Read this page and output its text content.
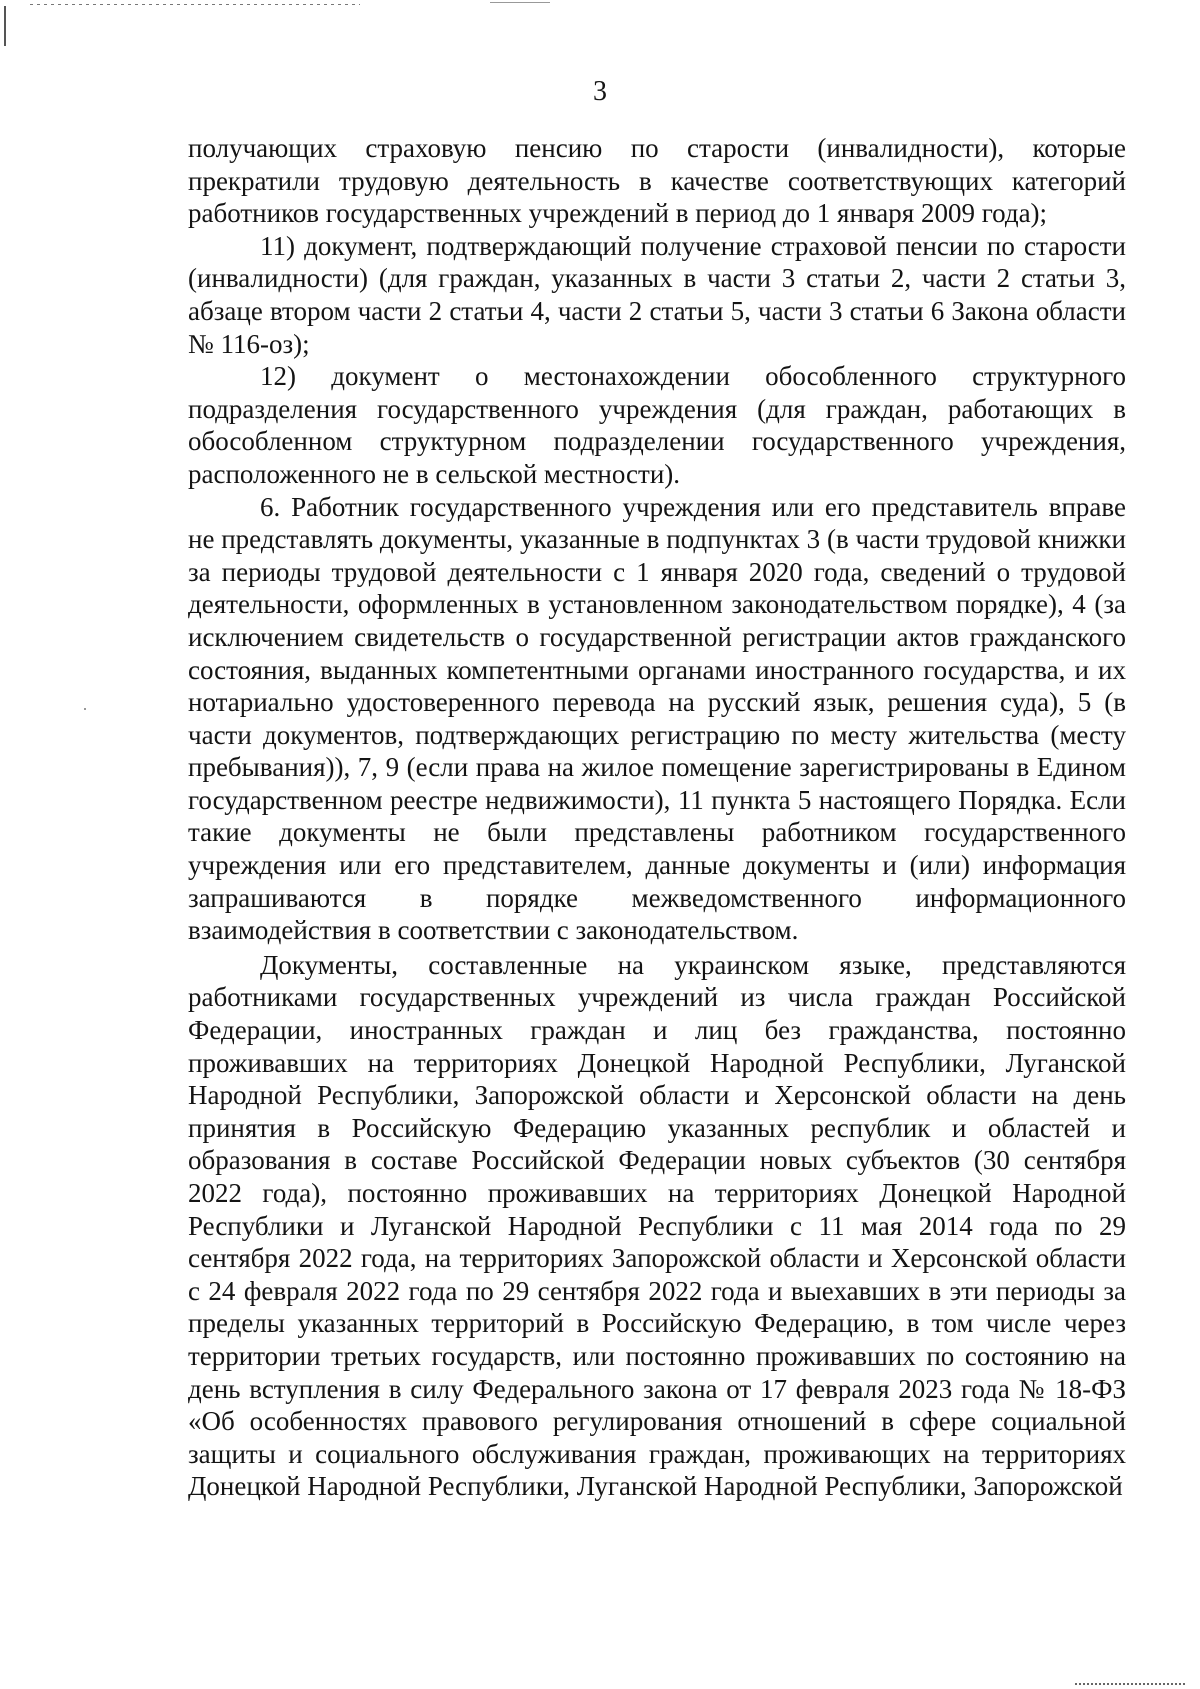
3

получающих страховую пенсию по старости (инвалидности), которые прекратили трудовую деятельность в качестве соответствующих категорий работников государственных учреждений в период до 1 января 2009 года);

11) документ, подтверждающий получение страховой пенсии по старости (инвалидности) (для граждан, указанных в части 3 статьи 2, части 2 статьи 3, абзаце втором части 2 статьи 4, части 2 статьи 5, части 3 статьи 6 Закона области № 116-оз);

12) документ о местонахождении обособленного структурного подразделения государственного учреждения (для граждан, работающих в обособленном структурном подразделении государственного учреждения, расположенного не в сельской местности).

6. Работник государственного учреждения или его представитель вправе не представлять документы, указанные в подпунктах 3 (в части трудовой книжки за периоды трудовой деятельности с 1 января 2020 года, сведений о трудовой деятельности, оформленных в установленном законодательством порядке), 4 (за исключением свидетельств о государственной регистрации актов гражданского состояния, выданных компетентными органами иностранного государства, и их нотариально удостоверенного перевода на русский язык, решения суда), 5 (в части документов, подтверждающих регистрацию по месту жительства (месту пребывания)), 7, 9 (если права на жилое помещение зарегистрированы в Едином государственном реестре недвижимости), 11 пункта 5 настоящего Порядка. Если такие документы не были представлены работником государственного учреждения или его представителем, данные документы и (или) информация запрашиваются в порядке межведомственного информационного взаимодействия в соответствии с законодательством.

Документы, составленные на украинском языке, представляются работниками государственных учреждений из числа граждан Российской Федерации, иностранных граждан и лиц без гражданства, постоянно проживавших на территориях Донецкой Народной Республики, Луганской Народной Республики, Запорожской области и Херсонской области на день принятия в Российскую Федерацию указанных республик и областей и образования в составе Российской Федерации новых субъектов (30 сентября 2022 года), постоянно проживавших на территориях Донецкой Народной Республики и Луганской Народной Республики с 11 мая 2014 года по 29 сентября 2022 года, на территориях Запорожской области и Херсонской области с 24 февраля 2022 года по 29 сентября 2022 года и выехавших в эти периоды за пределы указанных территорий в Российскую Федерацию, в том числе через территории третьих государств, или постоянно проживавших по состоянию на день вступления в силу Федерального закона от 17 февраля 2023 года № 18-ФЗ «Об особенностях правового регулирования отношений в сфере социальной защиты и социального обслуживания граждан, проживающих на территориях Донецкой Народной Республики, Луганской Народной Республики, Запорожской
